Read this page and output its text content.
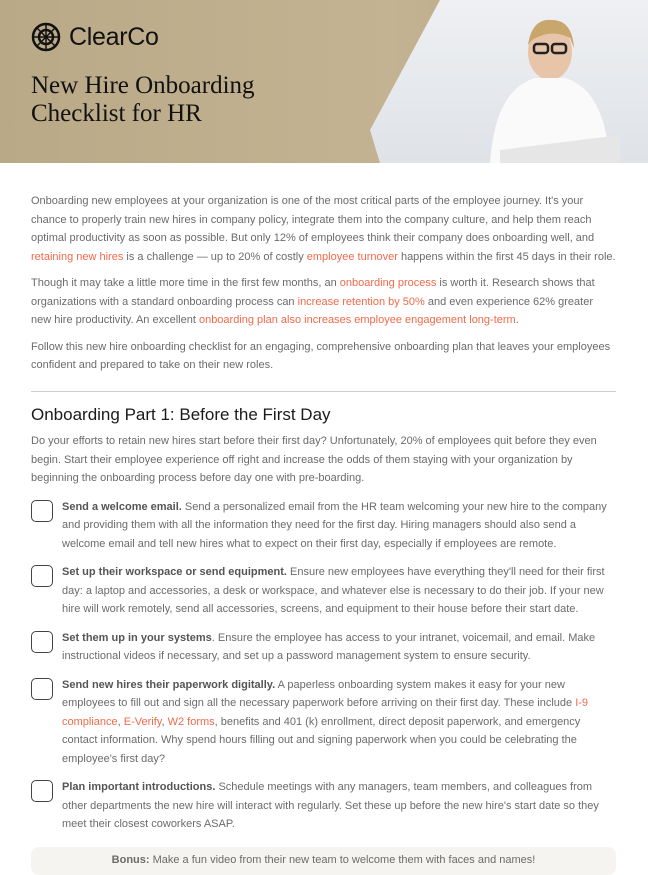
ClearCo
New Hire Onboarding
Checklist for HR

Onboarding new employees at your organization is one of the most critical parts of the employee journey. It's your chance to properly train new hires in company policy, integrate them into the company culture, and help them reach optimal productivity as soon as possible. But only 12% of employees think their company does onboarding well, and retaining new hires is a challenge — up to 20% of costly employee turnover happens within the first 45 days in their role.

Though it may take a little more time in the first few months, an onboarding process is worth it. Research shows that organizations with a standard onboarding process can increase retention by 50% and even experience 62% greater new hire productivity. An excellent onboarding plan also increases employee engagement long-term.

Follow this new hire onboarding checklist for an engaging, comprehensive onboarding plan that leaves your employees confident and prepared to take on their new roles.

Onboarding Part 1: Before the First Day

Do your efforts to retain new hires start before their first day? Unfortunately, 20% of employees quit before they even begin. Start their employee experience off right and increase the odds of them staying with your organization by beginning the onboarding process before day one with pre-boarding.

Send a welcome email. Send a personalized email from the HR team welcoming your new hire to the company and providing them with all the information they need for the first day. Hiring managers should also send a welcome email and tell new hires what to expect on their first day, especially if employees are remote.
Set up their workspace or send equipment. Ensure new employees have everything they'll need for their first day: a laptop and accessories, a desk or workspace, and whatever else is necessary to do their job. If your new hire will work remotely, send all accessories, screens, and equipment to their house before their start date.
Set them up in your systems. Ensure the employee has access to your intranet, voicemail, and email. Make instructional videos if necessary, and set up a password management system to ensure security.
Send new hires their paperwork digitally. A paperless onboarding system makes it easy for your new employees to fill out and sign all the necessary paperwork before arriving on their first day. These include I-9 compliance, E-Verify, W2 forms, benefits and 401 (k) enrollment, direct deposit paperwork, and emergency contact information. Why spend hours filling out and signing paperwork when you could be celebrating the employee's first day?
Plan important introductions. Schedule meetings with any managers, team members, and colleagues from other departments the new hire will interact with regularly. Set these up before the new hire's start date so they meet their closest coworkers ASAP.
Bonus: Make a fun video from their new team to welcome them with faces and names!
